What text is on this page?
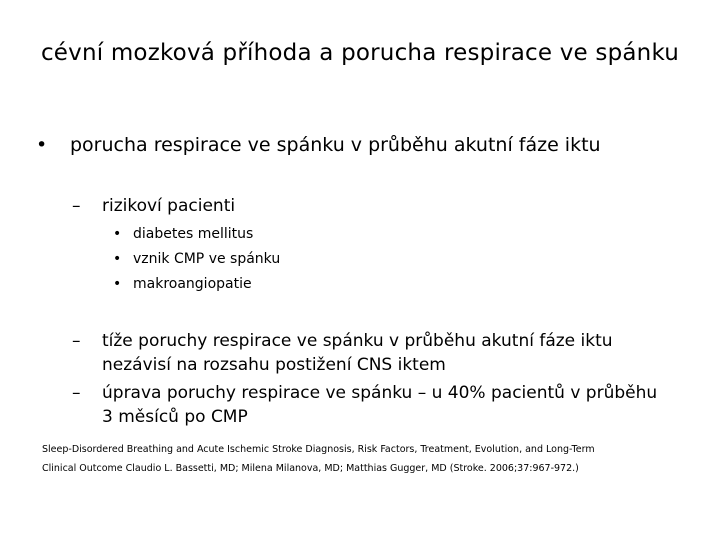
cévní mozková příhoda a porucha respirace ve spánku
• porucha respirace ve spánku v průběhu akutní fáze iktu
– rizikoví pacienti
• diabetes mellitus
• vznik CMP ve spánku
• makroangiopatie
– tíže poruchy respirace ve spánku v průběhu akutní fáze iktu nezávisí na rozsahu postižení CNS iktem
– úprava poruchy respirace ve spánku – u 40% pacientů v průběhu 3 měsíců po CMP
Sleep-Disordered Breathing and Acute Ischemic Stroke Diagnosis, Risk Factors, Treatment, Evolution, and Long-Term
Clinical Outcome Claudio L. Bassetti, MD; Milena Milanova, MD; Matthias Gugger, MD (Stroke. 2006;37:967-972.)
